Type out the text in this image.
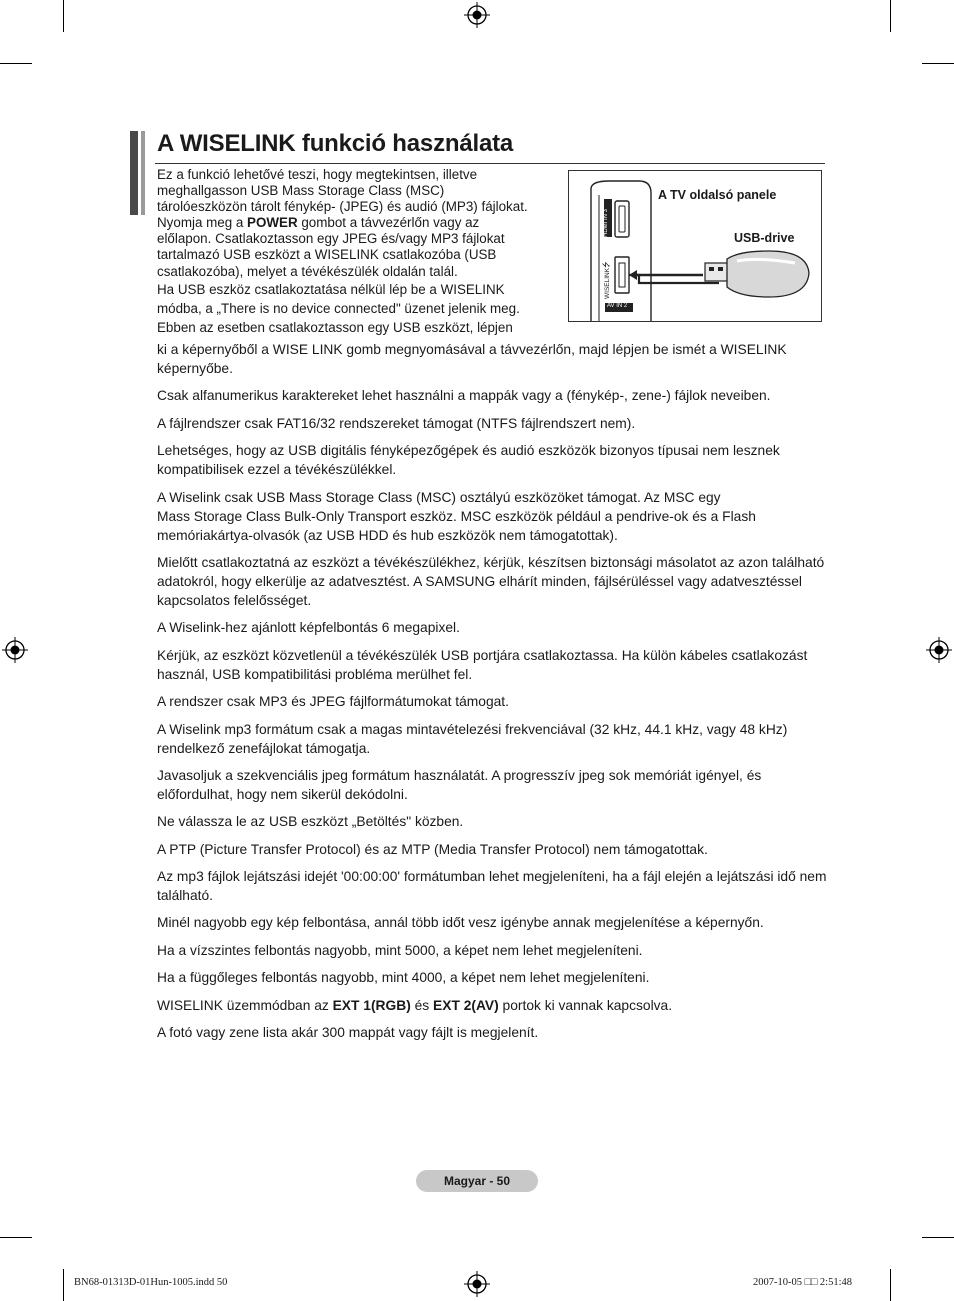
A WISELINK funkció használata

Ez a funkció lehetővé teszi, hogy megtekintsen, illetve
meghallgasson USB Mass Storage Class (MSC)
tárolóeszközön tárolt fénykép- (JPEG) és audió (MP3) fájlokat.

Nyomja meg a POWER gombot a távvezérlőn vagy az
előlapon. Csatlakoztasson egy JPEG és/vagy MP3 fájlokat
tartalmazó USB eszközt a WISELINK csatlakozóba (USB
csatlakozóba), melyet a tévékészülék oldalán talál.

Ha USB eszköz csatlakoztatása nélkül lép be a WISELINK
módba, a „There is no device connected" üzenet jelenik meg.
Ebben az esetben csatlakoztasson egy USB eszközt, lépjen

⭍
HDMI IN 3
WISELINK
AV IN 2
A TV oldalsó panele
USB-drive

ki a képernyőből a WISE LINK gomb megnyomásával a távvezérlőn, majd lépjen be ismét a WISELINK
képernyőbe.

Csak alfanumerikus karaktereket lehet használni a mappák vagy a (fénykép-, zene-) fájlok neveiben.

A fájlrendszer csak FAT16/32 rendszereket támogat (NTFS fájlrendszert nem).

Lehetséges, hogy az USB digitális fényképezőgépek és audió eszközök bizonyos típusai nem lesznek kompatibilisek ezzel a tévékészülékkel.

A Wiselink csak USB Mass Storage Class (MSC) osztályú eszközöket támogat. Az MSC egy
Mass Storage Class Bulk-Only Transport eszköz. MSC eszközök például a pendrive-ok és a Flash memóriakártya-olvasók (az USB HDD és hub eszközök nem támogatottak).

Mielőtt csatlakoztatná az eszközt a tévékészülékhez, kérjük, készítsen biztonsági másolatot az azon található adatokról, hogy elkerülje az adatvesztést. A SAMSUNG elhárít minden, fájlsérüléssel vagy adatvesztéssel kapcsolatos felelősséget.

A Wiselink-hez ajánlott képfelbontás 6 megapixel.

Kérjük, az eszközt közvetlenül a tévékészülék USB portjára csatlakoztassa. Ha külön kábeles csatlakozást használ, USB kompatibilitási probléma merülhet fel.

A rendszer csak MP3 és JPEG fájlformátumokat támogat.

A Wiselink mp3 formátum csak a magas mintavételezési frekvenciával (32 kHz, 44.1 kHz, vagy 48 kHz) rendelkező zenefájlokat támogatja.

Javasoljuk a szekvenciális jpeg formátum használatát. A progresszív jpeg sok memóriát igényel, és előfordulhat, hogy nem sikerül dekódolni.

Ne válassza le az USB eszközt „Betöltés" közben.

A PTP (Picture Transfer Protocol) és az MTP (Media Transfer Protocol) nem támogatottak.

Az mp3 fájlok lejátszási idejét '00:00:00' formátumban lehet megjeleníteni, ha a fájl elején a lejátszási idő nem található.

Minél nagyobb egy kép felbontása, annál több időt vesz igénybe annak megjelenítése a képernyőn.

Ha a vízszintes felbontás nagyobb, mint 5000, a képet nem lehet megjeleníteni.

Ha a függőleges felbontás nagyobb, mint 4000, a képet nem lehet megjeleníteni.

WISELINK üzemmódban az EXT 1(RGB) és EXT 2(AV) portok ki vannak kapcsolva.

A fotó vagy zene lista akár 300 mappát vagy fájlt is megjelenít.

Magyar - 50
BN68-01313D-01Hun-1005.indd 50	2007-10-05 □□ 2:51:48
